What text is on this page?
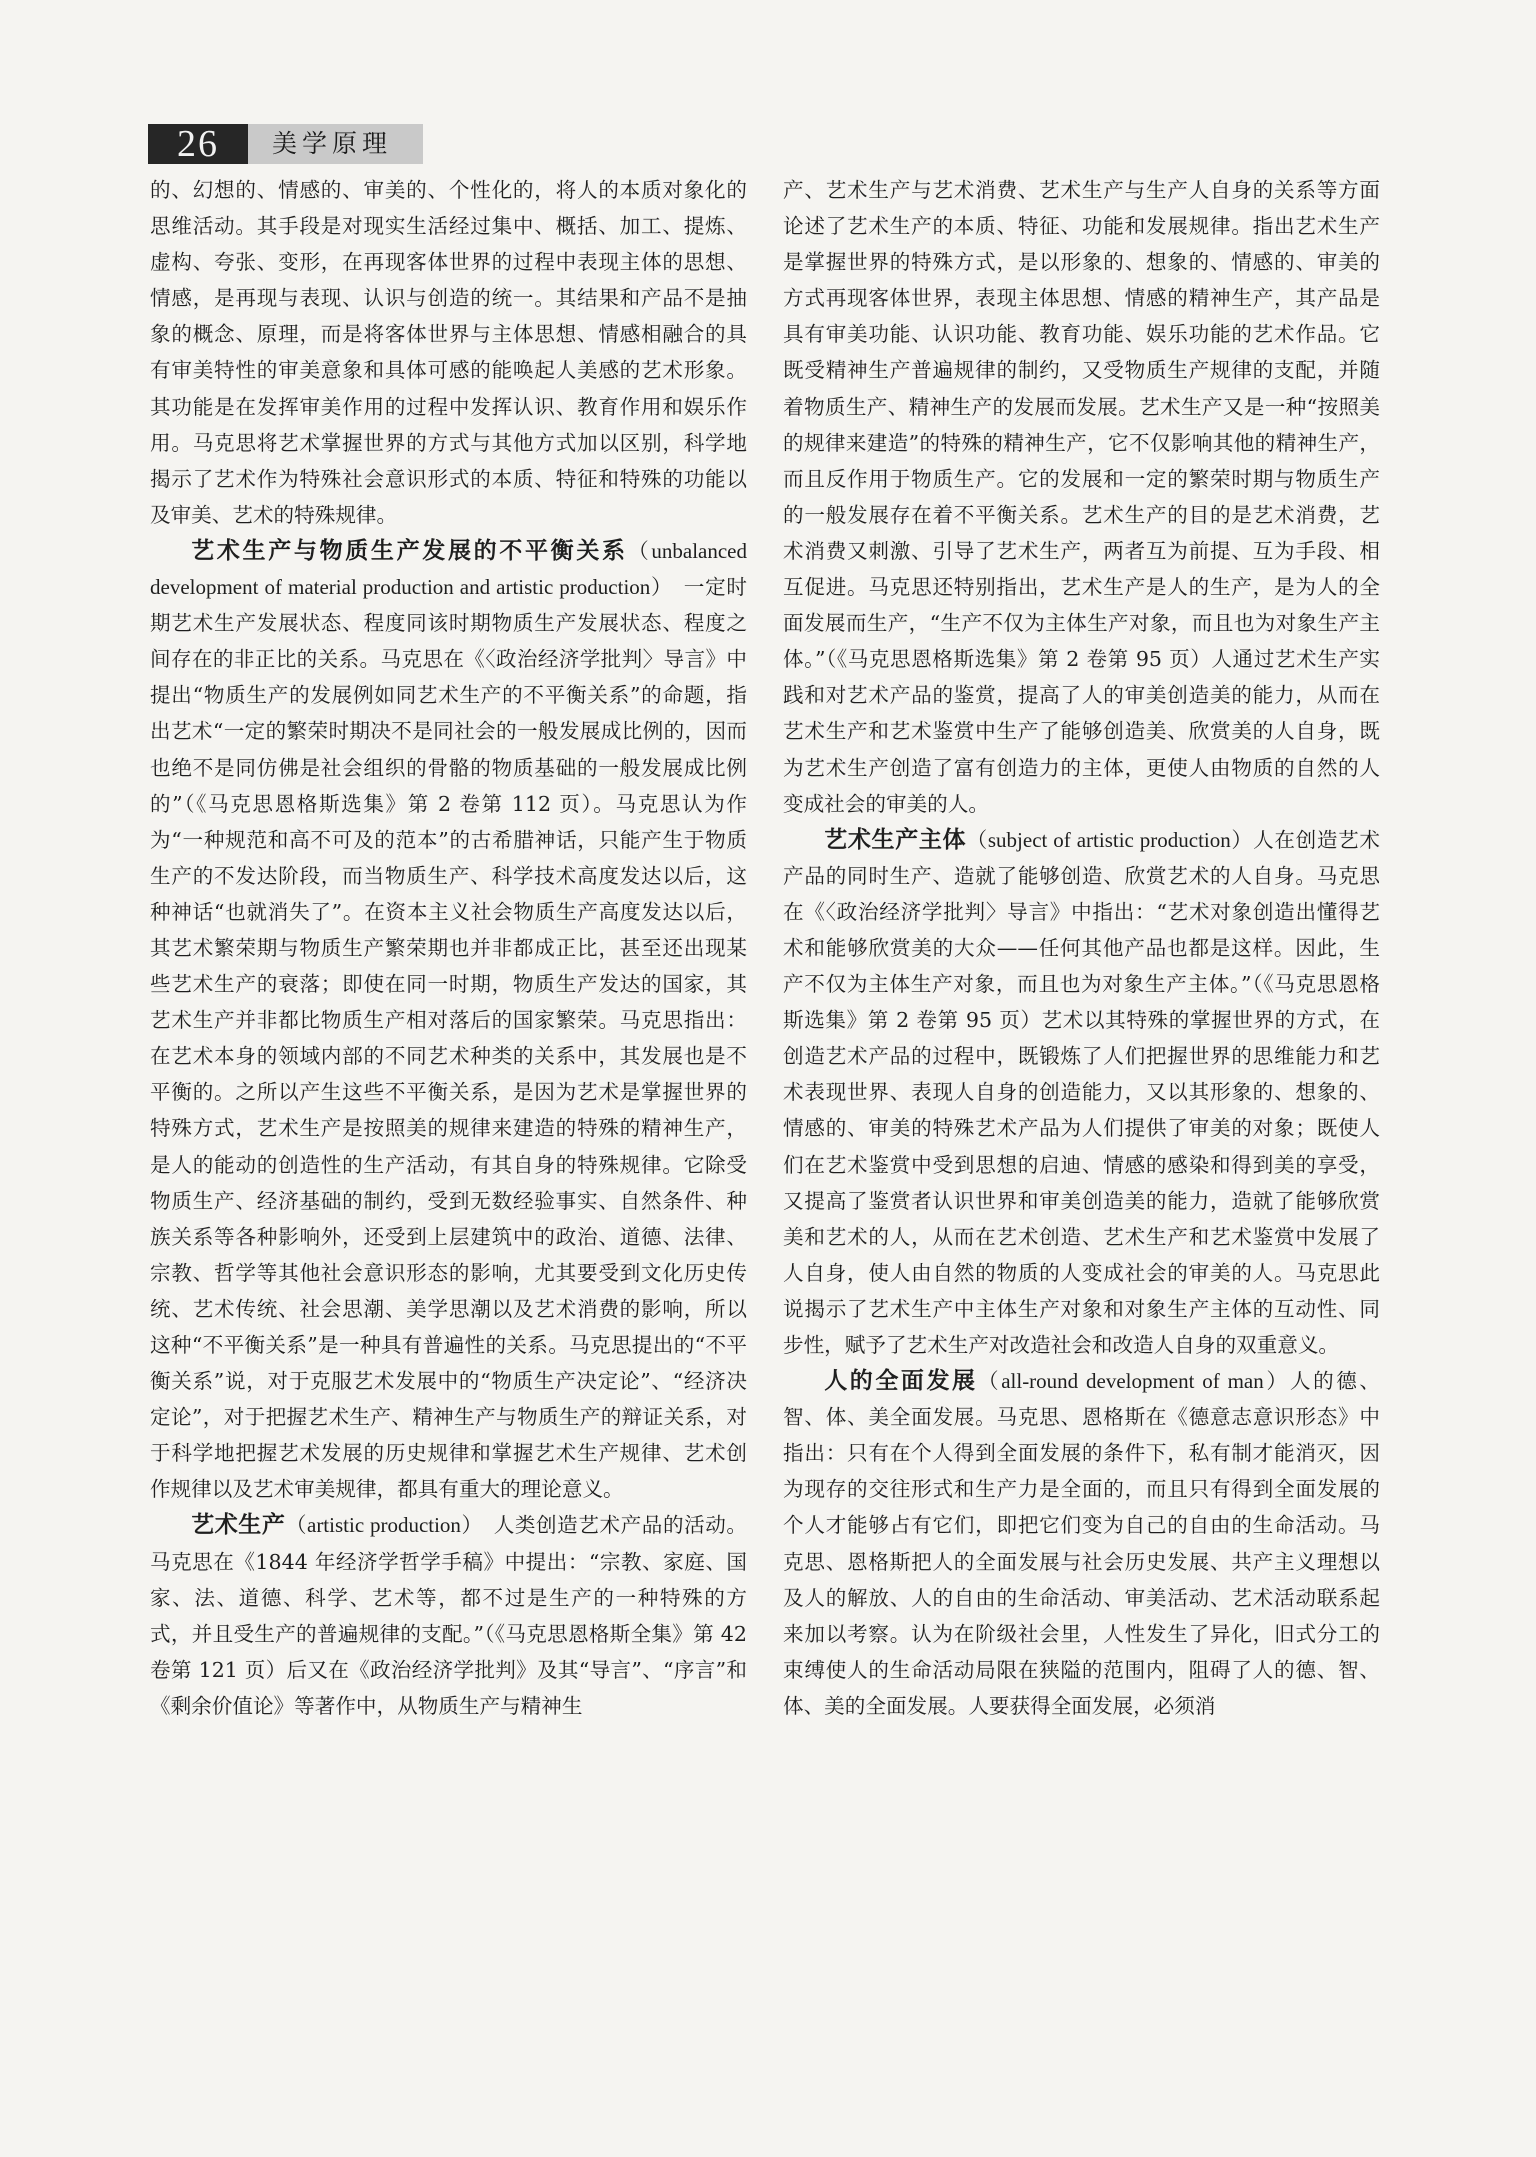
26	美学原理

的、幻想的、情感的、审美的、个性化的，将人的本质对象化的思维活动。其手段是对现实生活经过集中、概括、加工、提炼、虚构、夸张、变形，在再现客体世界的过程中表现主体的思想、情感，是再现与表现、认识与创造的统一。其结果和产品不是抽象的概念、原理，而是将客体世界与主体思想、情感相融合的具有审美特性的审美意象和具体可感的能唤起人美感的艺术形象。其功能是在发挥审美作用的过程中发挥认识、教育作用和娱乐作用。马克思将艺术掌握世界的方式与其他方式加以区别，科学地揭示了艺术作为特殊社会意识形式的本质、特征和特殊的功能以及审美、艺术的特殊规律。

艺术生产与物质生产发展的不平衡关系（unbalanced development of material production and artistic production）　 一定时期艺术生产发展状态、程度同该时期物质生产发展状态、程度之间存在的非正比的关系。马克思在《〈政治经济学批判〉导言》中提出“物质生产的发展例如同艺术生产的不平衡关系”的命题，指出艺术“一定的繁荣时期决不是同社会的一般发展成比例的，因而也绝不是同仿佛是社会组织的骨骼的物质基础的一般发展成比例的”（《马克思恩格斯选集》第 2 卷第 112 页）。马克思认为作为“一种规范和高不可及的范本”的古希腊神话，只能产生于物质生产的不发达阶段，而当物质生产、科学技术高度发达以后，这种神话“也就消失了”。在资本主义社会物质生产高度发达以后，其艺术繁荣期与物质生产繁荣期也并非都成正比，甚至还出现某些艺术生产的衰落；即使在同一时期，物质生产发达的国家，其艺术生产并非都比物质生产相对落后的国家繁荣。马克思指出：在艺术本身的领域内部的不同艺术种类的关系中，其发展也是不平衡的。之所以产生这些不平衡关系，是因为艺术是掌握世界的特殊方式，艺术生产是按照美的规律来建造的特殊的精神生产，是人的能动的创造性的生产活动，有其自身的特殊规律。它除受物质生产、经济基础的制约，受到无数经验事实、自然条件、种族关系等各种影响外，还受到上层建筑中的政治、道德、法律、宗教、哲学等其他社会意识形态的影响，尤其要受到文化历史传统、艺术传统、社会思潮、美学思潮以及艺术消费的影响，所以这种“不平衡关系”是一种具有普遍性的关系。马克思提出的“不平衡关系”说，对于克服艺术发展中的“物质生产决定论”、“经济决定论”，对于把握艺术生产、精神生产与物质生产的辩证关系，对于科学地把握艺术发展的历史规律和掌握艺术生产规律、艺术创作规律以及艺术审美规律，都具有重大的理论意义。

艺术生产（artistic production）　 人类创造艺术产品的活动。马克思在《1844 年经济学哲学手稿》中提出：“宗教、家庭、国家、法、道德、科学、艺术等，都不过是生产的一种特殊的方式，并且受生产的普遍规律的支配。”（《马克思恩格斯全集》第 42 卷第 121 页）后又在《政治经济学批判》及其“导言”、“序言”和《剩余价值论》等著作中，从物质生产与精神生

产、艺术生产与艺术消费、艺术生产与生产人自身的关系等方面论述了艺术生产的本质、特征、功能和发展规律。指出艺术生产是掌握世界的特殊方式，是以形象的、想象的、情感的、审美的方式再现客体世界，表现主体思想、情感的精神生产，其产品是具有审美功能、认识功能、教育功能、娱乐功能的艺术作品。它既受精神生产普遍规律的制约，又受物质生产规律的支配，并随着物质生产、精神生产的发展而发展。艺术生产又是一种“按照美的规律来建造”的特殊的精神生产，它不仅影响其他的精神生产，而且反作用于物质生产。它的发展和一定的繁荣时期与物质生产的一般发展存在着不平衡关系。艺术生产的目的是艺术消费，艺术消费又刺激、引导了艺术生产，两者互为前提、互为手段、相互促进。马克思还特别指出，艺术生产是人的生产，是为人的全面发展而生产，“生产不仅为主体生产对象，而且也为对象生产主体。”（《马克思恩格斯选集》第 2 卷第 95 页）人通过艺术生产实践和对艺术产品的鉴赏，提高了人的审美创造美的能力，从而在艺术生产和艺术鉴赏中生产了能够创造美、欣赏美的人自身，既为艺术生产创造了富有创造力的主体，更使人由物质的自然的人变成社会的审美的人。

艺术生产主体（subject of artistic production）人在创造艺术产品的同时生产、造就了能够创造、欣赏艺术的人自身。马克思在《〈政治经济学批判〉导言》中指出：“艺术对象创造出懂得艺术和能够欣赏美的大众——任何其他产品也都是这样。因此，生产不仅为主体生产对象，而且也为对象生产主体。”（《马克思恩格斯选集》第 2 卷第 95 页）艺术以其特殊的掌握世界的方式，在创造艺术产品的过程中，既锻炼了人们把握世界的思维能力和艺术表现世界、表现人自身的创造能力，又以其形象的、想象的、情感的、审美的特殊艺术产品为人们提供了审美的对象；既使人们在艺术鉴赏中受到思想的启迪、情感的感染和得到美的享受，又提高了鉴赏者认识世界和审美创造美的能力，造就了能够欣赏美和艺术的人，从而在艺术创造、艺术生产和艺术鉴赏中发展了人自身，使人由自然的物质的人变成社会的审美的人。马克思此说揭示了艺术生产中主体生产对象和对象生产主体的互动性、同步性，赋予了艺术生产对改造社会和改造人自身的双重意义。

人的全面发展（all-round development of man）人的德、智、体、美全面发展。马克思、恩格斯在《德意志意识形态》中指出：只有在个人得到全面发展的条件下，私有制才能消灭，因为现存的交往形式和生产力是全面的，而且只有得到全面发展的个人才能够占有它们，即把它们变为自己的自由的生命活动。马克思、恩格斯把人的全面发展与社会历史发展、共产主义理想以及人的解放、人的自由的生命活动、审美活动、艺术活动联系起来加以考察。认为在阶级社会里，人性发生了异化，旧式分工的束缚使人的生命活动局限在狭隘的范围内，阻碍了人的德、智、体、美的全面发展。人要获得全面发展，必须消
